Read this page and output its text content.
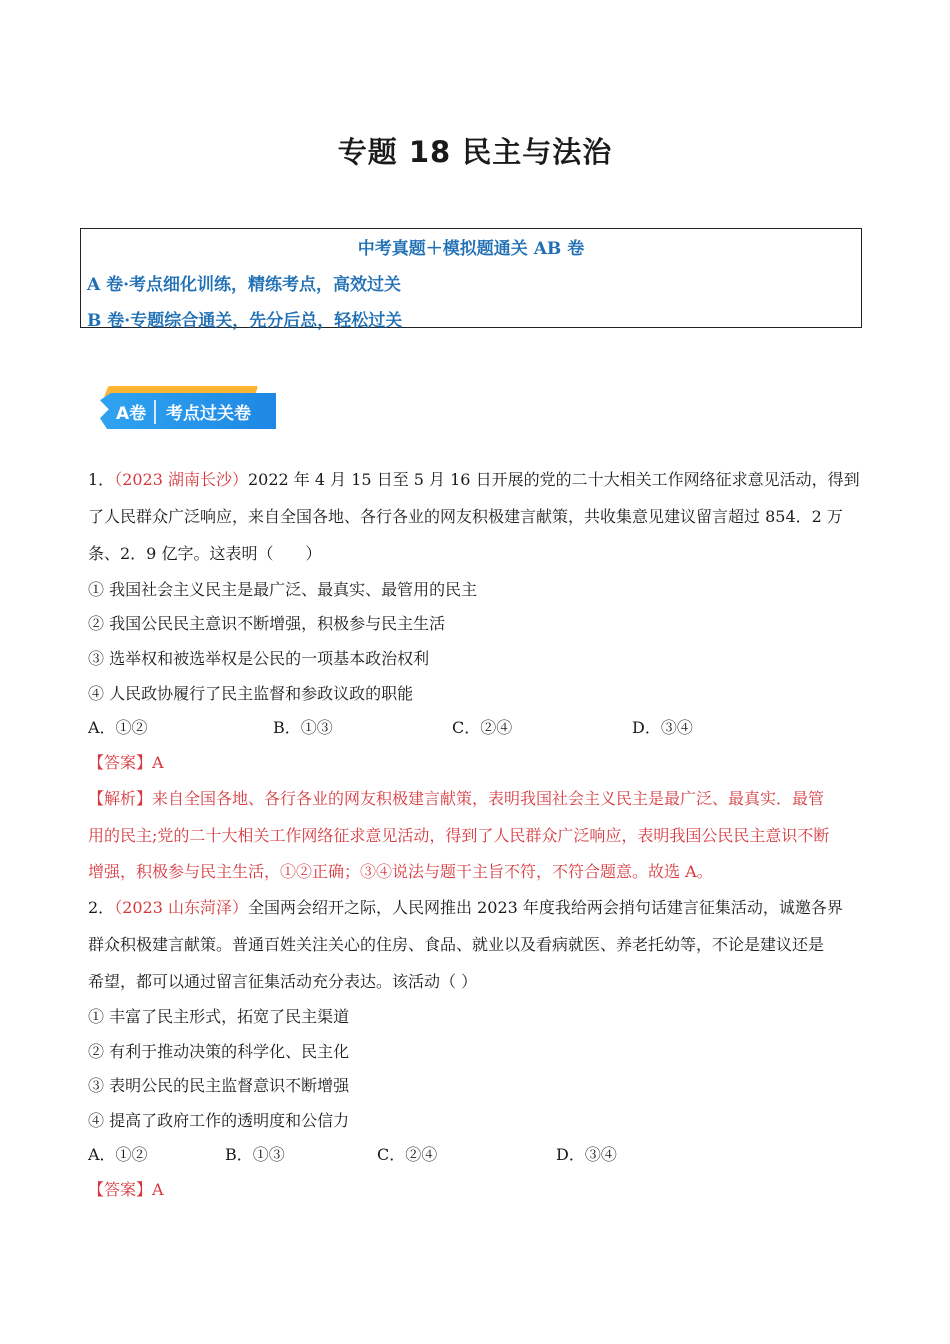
专题 18 民主与法治
中考真题＋模拟题通关 AB 卷
A 卷·考点细化训练，精练考点，高效过关
B 卷·专题综合通关，先分后总，轻松过关
A卷 考点过关卷
1．（2023 湖南长沙）2022 年 4 月 15 日至 5 月 16 日开展的党的二十大相关工作网络征求意见活动，得到
了人民群众广泛响应，来自全国各地、各行各业的网友积极建言献策，共收集意见建议留言超过 854．2 万
条、2．9 亿字。这表明（　　）
① 我国社会主义民主是最广泛、最真实、最管用的民主
② 我国公民民主意识不断增强，积极参与民主生活
③ 选举权和被选举权是公民的一项基本政治权利
④ 人民政协履行了民主监督和参政议政的职能
A．①②	B．①③	C．②④	D．③④
【答案】A
【解析】来自全国各地、各行各业的网友积极建言献策，表明我国社会主义民主是最广泛、最真实．最管
用的民主;党的二十大相关工作网络征求意见活动，得到了人民群众广泛响应，表明我国公民民主意识不断
增强，积极参与民主生活，①②正确；③④说法与题干主旨不符，不符合题意。故选 A。
2．（2023 山东菏泽）全国两会绍开之际，人民网推出 2023 年度我给两会捎句话建言征集活动，诚邀各界
群众积极建言献策。普通百姓关注关心的住房、食品、就业以及看病就医、养老托幼等，不论是建议还是
希望，都可以通过留言征集活动充分表达。该活动（ ）
① 丰富了民主形式，拓宽了民主渠道
② 有利于推动决策的科学化、民主化
③ 表明公民的民主监督意识不断增强
④ 提高了政府工作的透明度和公信力
A．①②	B．①③	C．②④	D．③④
【答案】A
